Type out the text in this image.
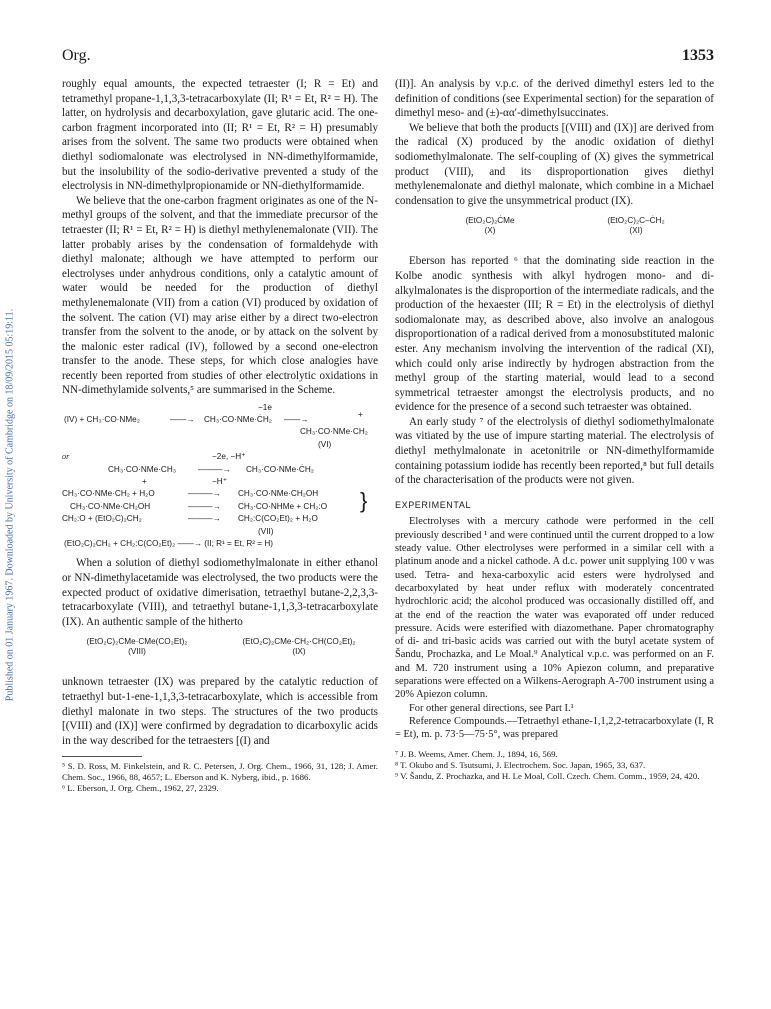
Published on 01 January 1967. Downloaded by University of Cambridge on 18/09/2015 05:19:11.
Org.	1353

roughly equal amounts, the expected tetraester (I; R = Et) and tetramethyl propane-1,1,3,3-tetracarboxylate (II; R¹ = Et, R² = H). The latter, on hydrolysis and decarboxylation, gave glutaric acid. The one-carbon fragment incorporated into (II; R¹ = Et, R² = H) presumably arises from the solvent. The same two products were obtained when diethyl sodiomalonate was electrolysed in NN-dimethylformamide, but the insolubility of the sodio-derivative prevented a study of the electrolysis in NN-dimethylpropionamide or NN-diethylformamide.

We believe that the one-carbon fragment originates as one of the N-methyl groups of the solvent, and that the immediate precursor of the tetraester (II; R¹ = Et, R² = H) is diethyl methylenemalonate (VII). The latter probably arises by the condensation of formaldehyde with diethyl malonate; although we have attempted to perform our electrolyses under anhydrous conditions, only a catalytic amount of water would be needed for the production of diethyl methylenemalonate (VII) from a cation (VI) produced by oxidation of the solvent. The cation (VI) may arise either by a direct two-electron transfer from the solvent to the anode, or by attack on the solvent by the malonic ester radical (IV), followed by a second one-electron transfer to the anode. These steps, for which close analogies have recently been reported from studies of other electrolytic oxidations in NN-dimethylamide solvents,⁵ are summarised in the Scheme.

−1e
(IV) + CH₃·CO·NMe₂	——→ CH₃·CO·NMe·ĊH₂ ——→
+
CH₃·CO·NMe·CH₂
(VI)
or	−2e, −H⁺
CH₃·CO·NMe·CH₃	———→ CH₃·CO·NMe·ĊH₂
+	−H⁺
CH₃·CO·NMe·CH₂ + H₂O	———→ CH₃·CO·NMe·CH₂OH
CH₃·CO·NMe·CH₂OH	———→ CH₃·CO·NHMe + CH₂:O }
CH₂:O + (EtO₂C)₂CH₂	———→ CH₂:C(CO₂Et)₂ + H₂O
(VII)
(EtO₂C)₂CH₂ + CH₂:C(CO₂Et)₂ ——→ (II; R¹ = Et, R² = H)

When a solution of diethyl sodiomethylmalonate in either ethanol or NN-dimethylacetamide was electrolysed, the two products were the expected product of oxidative dimerisation, tetraethyl butane-2,2,3,3-tetracarboxylate (VIII), and tetraethyl butane-1,1,3,3-tetracarboxylate (IX). An authentic sample of the hitherto

(EtO₂C)₂CMe·CMe(CO₂Et)₂
(VIII)
(EtO₂C)₂CMe·CH₂·CH(CO₂Et)₂
(IX)

unknown tetraester (IX) was prepared by the catalytic reduction of tetraethyl but-1-ene-1,1,3,3-tetracarboxylate, which is accessible from diethyl malonate in two steps. The structures of the two products [(VIII) and (IX)] were confirmed by degradation to dicarboxylic acids in the way described for the tetraesters [(I) and

⁵ S. D. Ross, M. Finkelstein, and R. C. Petersen, J. Org. Chem., 1966, 31, 128; J. Amer. Chem. Soc., 1966, 88, 4657; L. Eberson and K. Nyberg, ibid., p. 1686.

⁶ L. Eberson, J. Org. Chem., 1962, 27, 2329.

(II)]. An analysis by v.p.c. of the derived dimethyl esters led to the definition of conditions (see Experimental section) for the separation of dimethyl meso- and (±)-αα′-dimethylsuccinates.

We believe that both the products [(VIII) and (IX)] are derived from the radical (X) produced by the anodic oxidation of diethyl sodiomethylmalonate. The self-coupling of (X) gives the symmetrical product (VIII), and its disproportionation gives diethyl methylenemalonate and diethyl malonate, which combine in a Michael condensation to give the unsymmetrical product (IX).

(EtO₂C)₂ĊMe
(X)
(EtO₂C)₂C–ĊH₂
(XI)

Eberson has reported ⁶ that the dominating side reaction in the Kolbe anodic synthesis with alkyl hydrogen mono- and di-alkylmalonates is the disproportion of the intermediate radicals, and the production of the hexaester (III; R = Et) in the electrolysis of diethyl sodiomalonate may, as described above, also involve an analogous disproportionation of a radical derived from a monosubstituted malonic ester. Any mechanism involving the intervention of the radical (XI), which could only arise indirectly by hydrogen abstraction from the methyl group of the starting material, would lead to a second symmetrical tetraester amongst the electrolysis products, and no evidence for the presence of a second such tetraester was obtained.

An early study ⁷ of the electrolysis of diethyl sodiomethylmalonate was vitiated by the use of impure starting material. The electrolysis of diethyl methylmalonate in acetonitrile or NN-dimethylformamide containing potassium iodide has recently been reported,⁸ but full details of the characterisation of the products were not given.

EXPERIMENTAL

Electrolyses with a mercury cathode were performed in the cell previously described ¹ and were continued until the current dropped to a low steady value. Other electrolyses were performed in a similar cell with a platinum anode and a nickel cathode. A d.c. power unit supplying 100 v was used. Tetra- and hexa-carboxylic acid esters were hydrolysed and decarboxylated by heat under reflux with moderately concentrated hydrochloric acid; the alcohol produced was occasionally distilled off, and at the end of the reaction the water was evaporated off under reduced pressure. Acids were esterified with diazomethane. Paper chromatography of di- and tri-basic acids was carried out with the butyl acetate system of Šandu, Prochazka, and Le Moal.⁹ Analytical v.p.c. was performed on an F. and M. 720 instrument using a 10% Apiezon column, and preparative separations were effected on a Wilkens-Aerograph A-700 instrument using a 20% Apiezon column.

For other general directions, see Part I.¹

Reference Compounds.—Tetraethyl ethane-1,1,2,2-tetracarboxylate (I, R = Et), m. p. 73·5—75·5°, was prepared

⁷ J. B. Weems, Amer. Chem. J., 1894, 16, 569.

⁸ T. Okubo and S. Tsutsumi, J. Electrochem. Soc. Japan, 1965, 33, 637.

⁹ V. Šandu, Z. Prochazka, and H. Le Moal, Coll. Czech. Chem. Comm., 1959, 24, 420.
